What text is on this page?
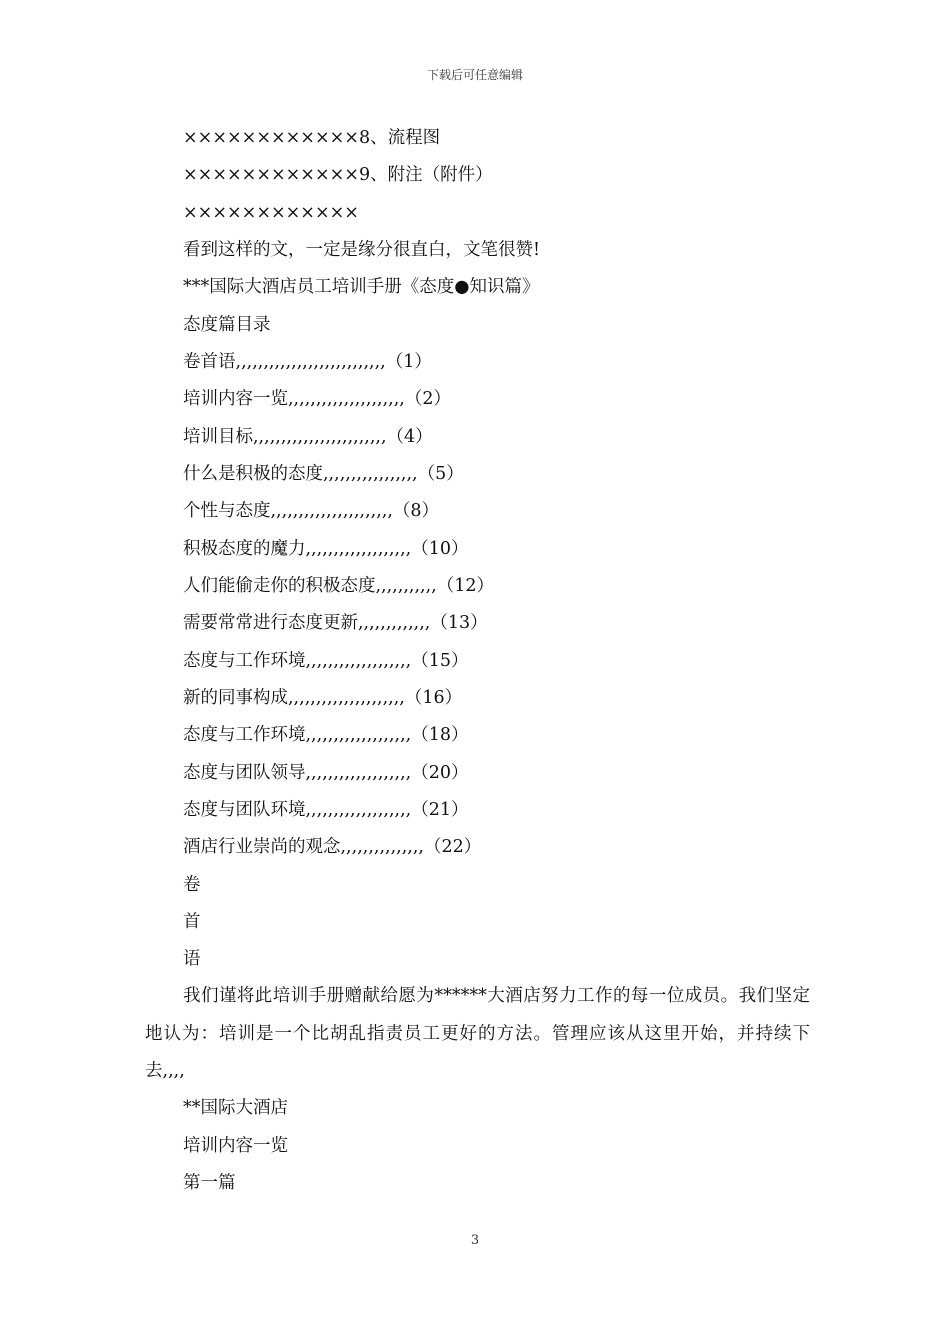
下载后可任意编辑
××××××××××××8、流程图
××××××××××××9、附注（附件）
××××××××××××
看到这样的文，一定是缘分很直白，文笔很赞!
***国际大酒店员工培训手册《态度●知识篇》
态度篇目录
卷首语,,,,,,,,,,,,,,,,,,,,,,,,,,,（1）
培训内容一览,,,,,,,,,,,,,,,,,,,,,（2）
培训目标,,,,,,,,,,,,,,,,,,,,,,,,（4）
什么是积极的态度,,,,,,,,,,,,,,,,,（5）
个性与态度,,,,,,,,,,,,,,,,,,,,,,（8）
积极态度的魔力,,,,,,,,,,,,,,,,,,,（10）
人们能偷走你的积极态度,,,,,,,,,,,（12）
需要常常进行态度更新,,,,,,,,,,,,,（13）
态度与工作环境,,,,,,,,,,,,,,,,,,,（15）
新的同事构成,,,,,,,,,,,,,,,,,,,,,（16）
态度与工作环境,,,,,,,,,,,,,,,,,,,（18）
态度与团队领导,,,,,,,,,,,,,,,,,,,（20）
态度与团队环境,,,,,,,,,,,,,,,,,,,（21）
酒店行业崇尚的观念,,,,,,,,,,,,,,,（22）
卷
首
语
我们谨将此培训手册赠献给愿为******大酒店努力工作的每一位成员。我们坚定地认为：培训是一个比胡乱指责员工更好的方法。管理应该从这里开始，并持续下去,,,,
**国际大酒店
培训内容一览
第一篇
3
